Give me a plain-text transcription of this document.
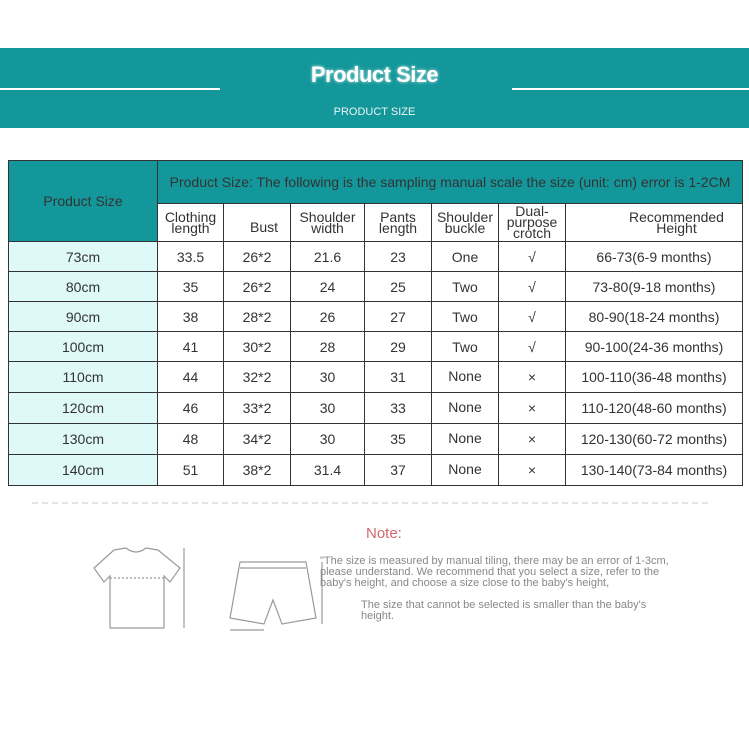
Product Size
PRODUCT SIZE
Product Size	Product Size: The following is the sampling manual scale the size (unit: cm) error is 1-2CM						
	Clothing length	Bust	Shoulder width	Pants length	Shoulder buckle	Dual-purpose crotch	Recommended Height
73cm	33.5	26*2	21.6	23	One	√	66-73(6-9 months)
80cm	35	26*2	24	25	Two	√	73-80(9-18 months)
90cm	38	28*2	26	27	Two	√	80-90(18-24 months)
100cm	41	30*2	28	29	Two	√	90-100(24-36 months)
110cm	44	32*2	30	31	None	×	100-110(36-48 months)
120cm	46	33*2	30	33	None	×	110-120(48-60 months)
130cm	48	34*2	30	35	None	×	120-130(60-72 months)
140cm	51	38*2	31.4	37	None	×	130-140(73-84 months)
Note:
"The size is measured by manual tiling, there may be an error of 1-3cm, please understand. We recommend that you select a size, refer to the baby's height, and choose a size close to the baby's height,
The size that cannot be selected is smaller than the baby's height.
